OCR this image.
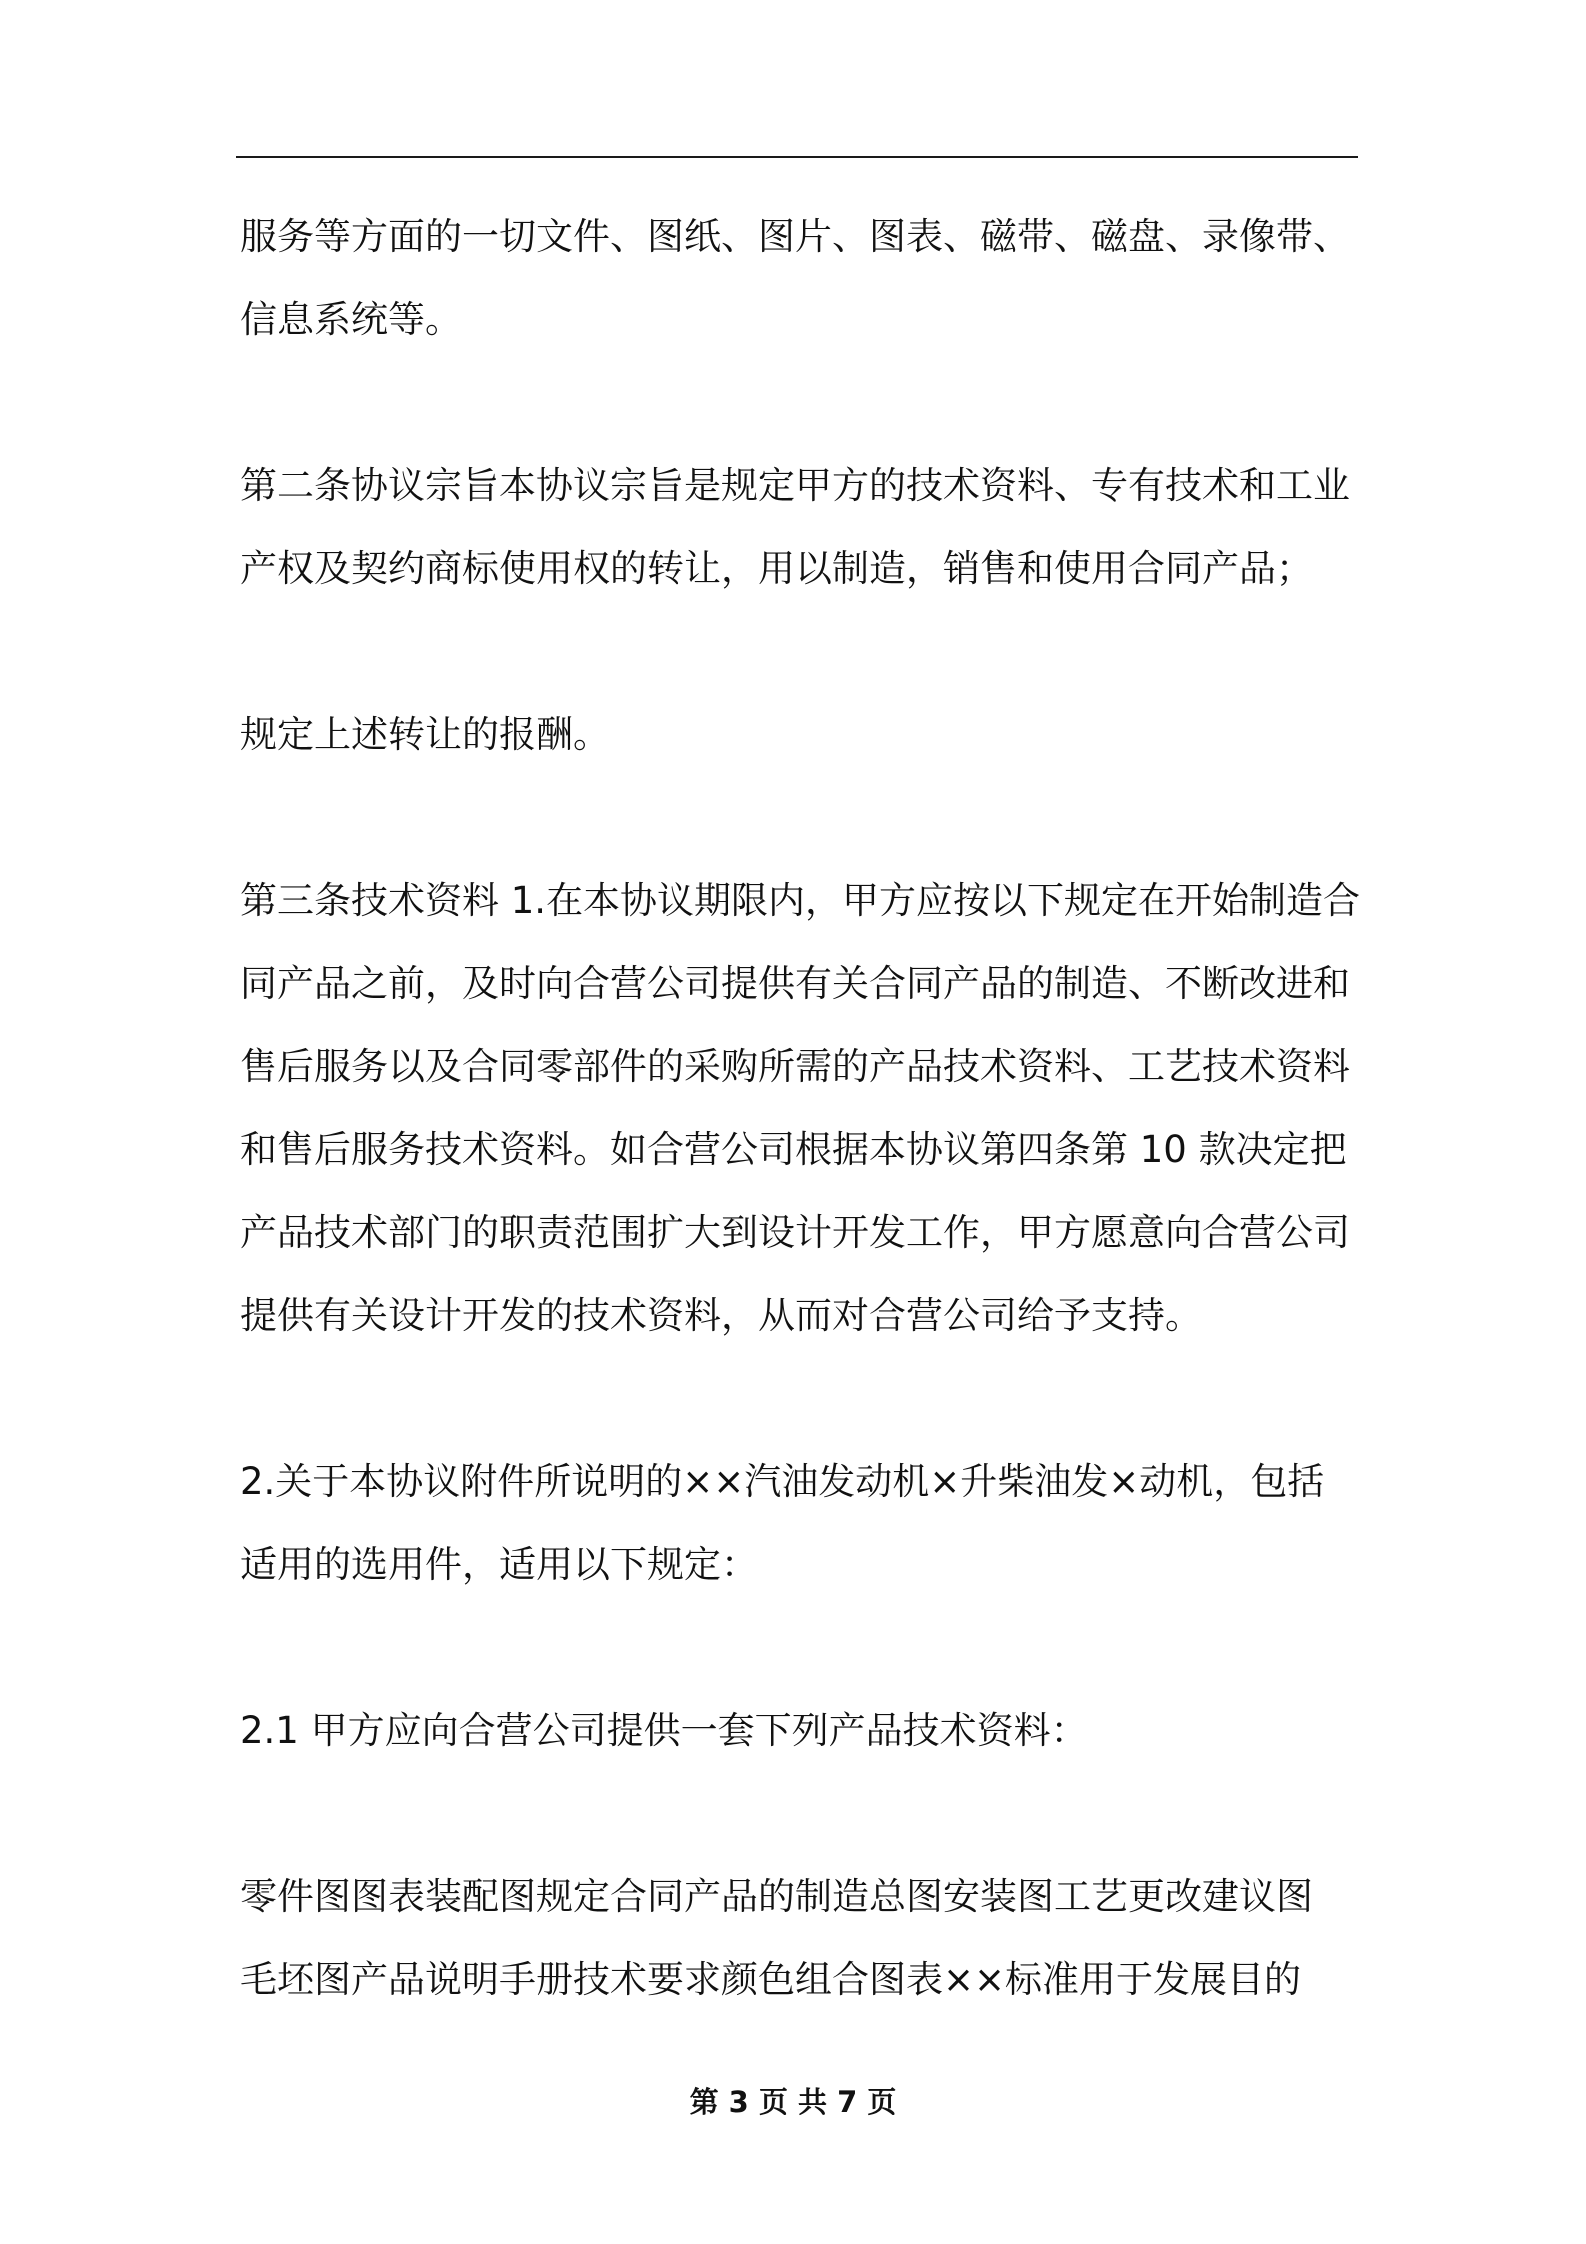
服务等方面的一切文件、图纸、图片、图表、磁带、磁盘、录像带、
信息系统等。

第二条协议宗旨本协议宗旨是规定甲方的技术资料、专有技术和工业
产权及契约商标使用权的转让，用以制造，销售和使用合同产品；

规定上述转让的报酬。

第三条技术资料 1.在本协议期限内，甲方应按以下规定在开始制造合
同产品之前，及时向合营公司提供有关合同产品的制造、不断改进和
售后服务以及合同零部件的采购所需的产品技术资料、工艺技术资料
和售后服务技术资料。如合营公司根据本协议第四条第 10 款决定把
产品技术部门的职责范围扩大到设计开发工作，甲方愿意向合营公司
提供有关设计开发的技术资料，从而对合营公司给予支持。

2.关于本协议附件所说明的××汽油发动机×升柴油发×动机，包括
适用的选用件，适用以下规定：

2.1 甲方应向合营公司提供一套下列产品技术资料：

零件图图表装配图规定合同产品的制造总图安装图工艺更改建议图
毛坯图产品说明手册技术要求颜色组合图表××标准用于发展目的

第 3 页 共 7 页
